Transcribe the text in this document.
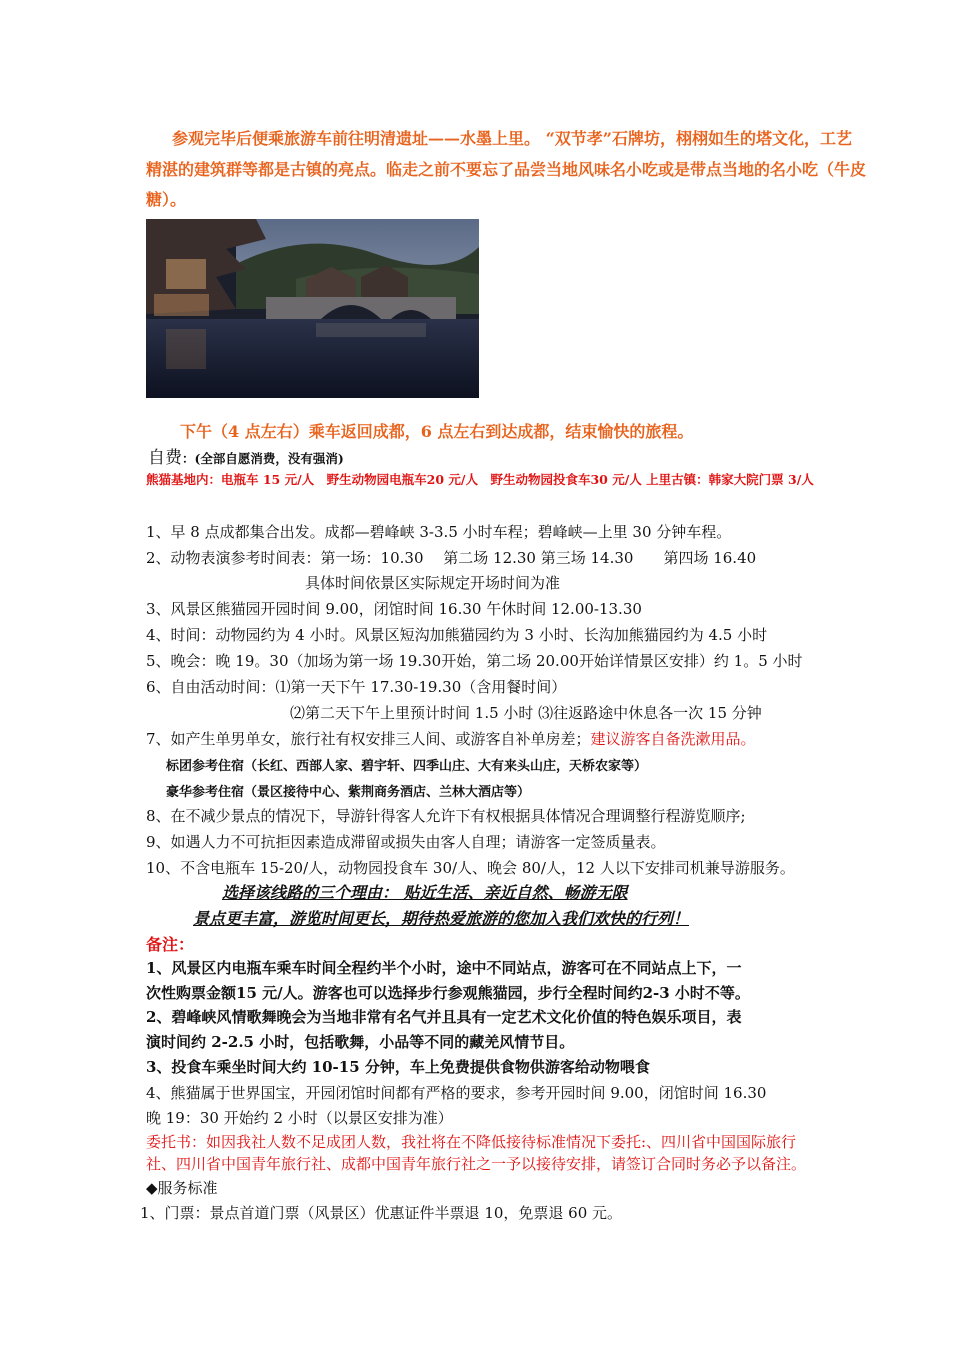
参观完毕后便乘旅游车前往明清遗址——水墨上里。 “双节孝”石牌坊，栩栩如生的塔文化，工艺
精湛的建筑群等都是古镇的亮点。临走之前不要忘了品尝当地风味名小吃或是带点当地的名小吃（牛皮
糖）。
下午（4 点左右）乘车返回成都，6 点左右到达成都，结束愉快的旅程。
自费：(全部自愿消费，没有强消)
熊猫基地内：电瓶车 15 元/人　野生动物园电瓶车20 元/人　野生动物园投食车30 元/人 上里古镇：韩家大院门票 3/人
1、早 8 点成都集合出发。成都—碧峰峡 3-3.5 小时车程；碧峰峡—上里 30 分钟车程。
2、动物表演参考时间表：第一场：10.30　 第二场 12.30 第三场 14.30　　第四场 16.40
具体时间依景区实际规定开场时间为准
3、风景区熊猫园开园时间 9.00，闭馆时间 16.30 午休时间 12.00-13.30
4、时间：动物园约为 4 小时。风景区短沟加熊猫园约为 3 小时、长沟加熊猫园约为 4.5 小时
5、晚会：晚 19。30（加场为第一场 19.30开始，第二场 20.00开始详情景区安排）约 1。5 小时
6、自由活动时间：⑴第一天下午 17.30-19.30（含用餐时间）
⑵第二天下午上里预计时间 1.5 小时 ⑶往返路途中休息各一次 15 分钟
7、如产生单男单女，旅行社有权安排三人间、或游客自补单房差；建议游客自备洗漱用品。
标团参考住宿（长红、西部人家、碧宇轩、四季山庄、大有来头山庄，天桥农家等）
豪华参考住宿（景区接待中心、紫荆商务酒店、兰林大酒店等）
8、在不减少景点的情况下，导游针得客人允许下有权根据具体情况合理调整行程游览顺序;
9、如遇人力不可抗拒因素造成滞留或损失由客人自理；请游客一定签质量表。
10、不含电瓶车 15-20/人，动物园投食车 30/人、晚会 80/人，12 人以下安排司机兼导游服务。
选择该线路的三个理由： 贴近生活、亲近自然、畅游无限
景点更丰富，游览时间更长，期待热爱旅游的您加入我们欢快的行列！
备注：
1、风景区内电瓶车乘车时间全程约半个小时，途中不同站点，游客可在不同站点上下，一
次性购票金额15 元/人。游客也可以选择步行参观熊猫园，步行全程时间约2-3 小时不等。
2、碧峰峡风情歌舞晚会为当地非常有名气并且具有一定艺术文化价值的特色娱乐项目，表
演时间约 2-2.5 小时，包括歌舞，小品等不同的藏羌风情节目。
3、投食车乘坐时间大约 10-15 分钟，车上免费提供食物供游客给动物喂食
4、熊猫属于世界国宝，开园闭馆时间都有严格的要求，参考开园时间 9.00，闭馆时间 16.30
晚 19：30 开始约 2 小时（以景区安排为准）
委托书：如因我社人数不足成团人数，我社将在不降低接待标准情况下委托:、四川省中国国际旅行
社、四川省中国青年旅行社、成都中国青年旅行社之一予以接待安排，请签订合同时务必予以备注。
◆服务标准
1、门票：景点首道门票（风景区）优惠证件半票退 10，免票退 60 元。
